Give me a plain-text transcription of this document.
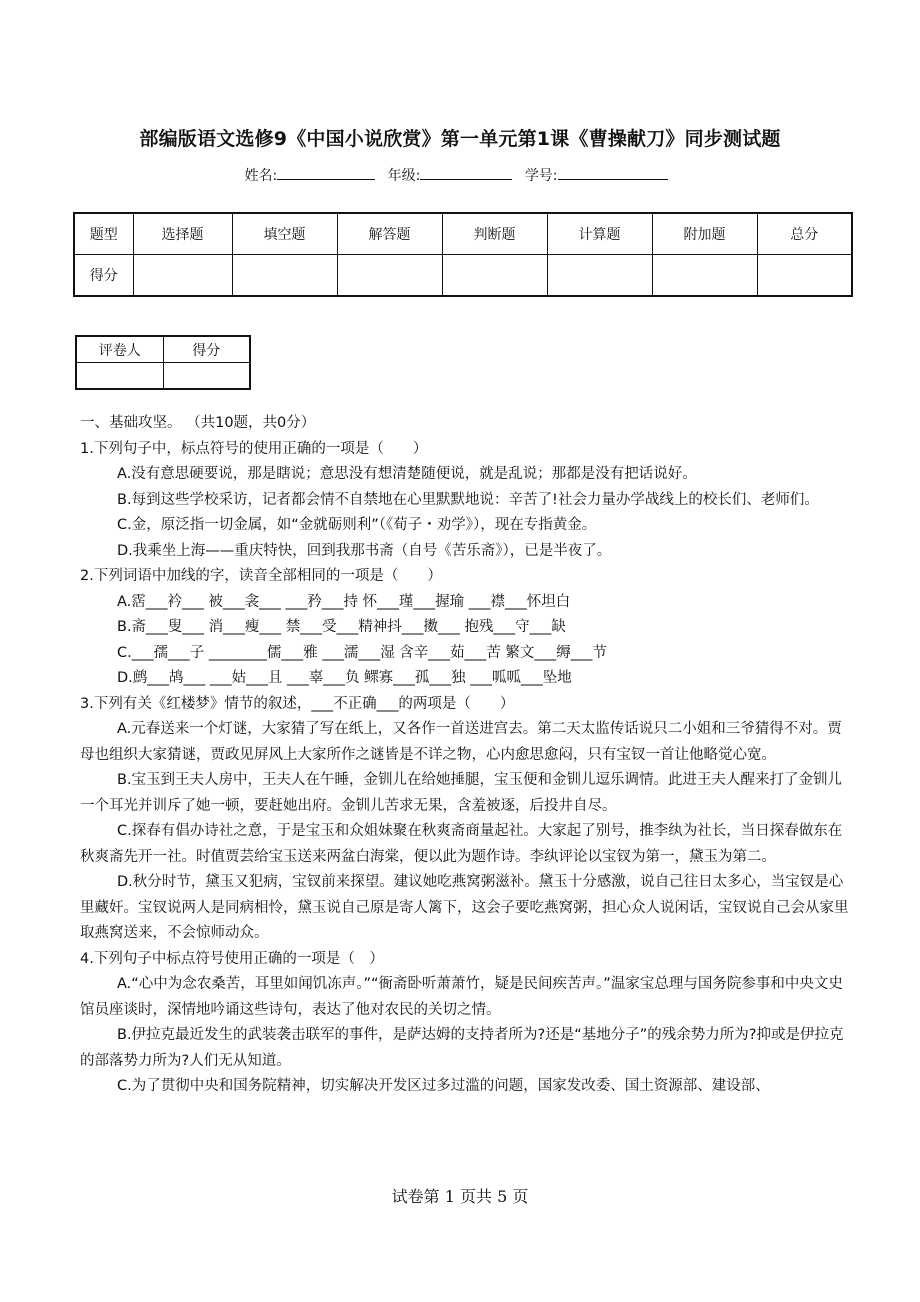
部编版语文选修9《中国小说欣赏》第一单元第1课《曹操献刀》同步测试题
姓名:	年级:	学号:
题型	选择题	填空题	解答题	判断题	计算题	附加题	总分
得分							
评卷人	得分

一、基础攻坚。 （共10题，共0分）

1.下列句子中，标点符号的使用正确的一项是（　　）

A.没有意思硬要说，那是瞎说；意思没有想清楚随便说，就是乱说；那都是没有把话说好。

B.每到这些学校采访，记者都会情不自禁地在心里默默地说：辛苦了!社会力量办学战线上的校长们、老师们。

C.金，原泛指一切金属，如“金就砺则利”（《荀子・劝学》），现在专指黄金。

D.我乘坐上海——重庆特快，回到我那书斋（自号《苦乐斋》），已是半夜了。

2.下列词语中加线的字，读音全部相同的一项是（　　）

A.霑___衿___ 被___衾___ ___矜___持 怀___瑾___握瑜 ___襟___怀坦白

B.斋___叟___ 消___瘦___ 禁___受___精神抖___擞___ 抱残___守___缺

C.___孺___子 ________儒___雅 ___濡___湿 含辛___茹___苦 繁文___缛___节

D.鹧___鸪___ ___姑___且 ___辜___负 鳏寡___孤___独 ___呱呱___坠地

3.下列有关《红楼梦》情节的叙述，___不正确___的两项是（　　）

A.元春送来一个灯谜，大家猜了写在纸上，又各作一首送进宫去。第二天太监传话说只二小姐和三爷猜得不对。贾母也组织大家猜谜，贾政见屏风上大家所作之谜皆是不详之物，心内愈思愈闷，只有宝钗一首让他略觉心宽。

B.宝玉到王夫人房中，王夫人在午睡，金钏儿在给她捶腿，宝玉便和金钏儿逗乐调情。此进王夫人醒来打了金钏儿一个耳光并训斥了她一顿，要赶她出府。金钏儿苦求无果，含羞被逐，后投井自尽。

C.探春有倡办诗社之意，于是宝玉和众姐妹聚在秋爽斋商量起社。大家起了别号，推李纨为社长，当日探春做东在秋爽斋先开一社。时值贾芸给宝玉送来两盆白海棠，便以此为题作诗。李纨评论以宝钗为第一，黛玉为第二。

D.秋分时节，黛玉又犯病，宝钗前来探望。建议她吃燕窝粥滋补。黛玉十分感激，说自己往日太多心，当宝钗是心里藏奸。宝钗说两人是同病相怜，黛玉说自己原是寄人篱下，这会子要吃燕窝粥，担心众人说闲话，宝钗说自己会从家里取燕窝送来，不会惊师动众。

4.下列句子中标点符号使用正确的一项是（　）

A.“心中为念农桑苦，耳里如闻饥冻声。”“衙斋卧听萧萧竹，疑是民间疾苦声。”温家宝总理与国务院参事和中央文史馆员座谈时，深情地吟诵这些诗句，表达了他对农民的关切之情。

B.伊拉克最近发生的武装袭击联军的事件，是萨达姆的支持者所为?还是“基地分子”的残余势力所为?抑或是伊拉克的部落势力所为?人们无从知道。

C.为了贯彻中央和国务院精神，切实解决开发区过多过滥的问题，国家发改委、国土资源部、建设部、

试卷第 1 页共 5 页
